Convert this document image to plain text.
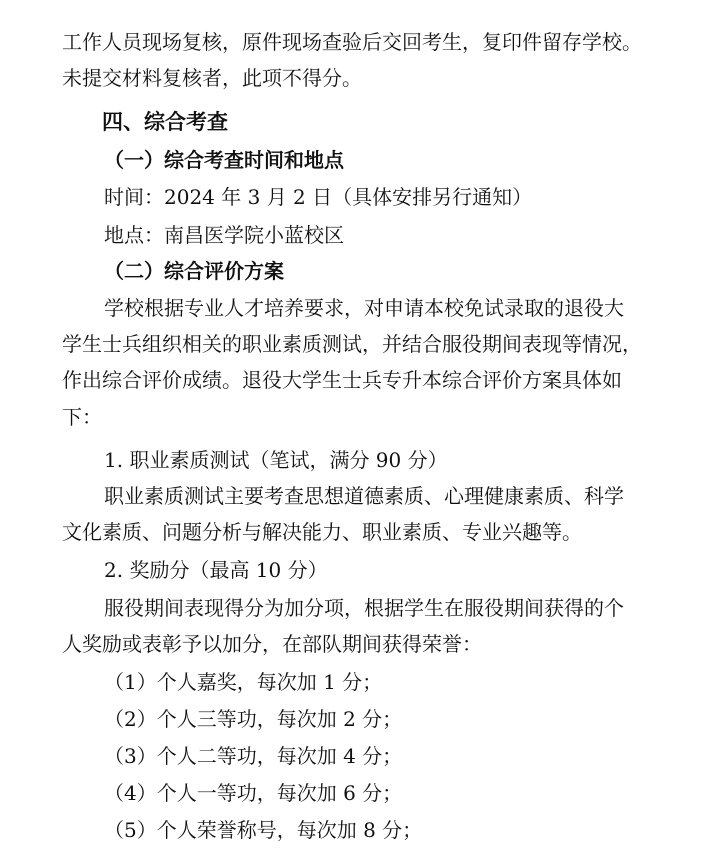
工作人员现场复核，原件现场查验后交回考生，复印件留存学校。
未提交材料复核者，此项不得分。
四、综合考查
（一）综合考查时间和地点
时间：2024 年 3 月 2 日（具体安排另行通知）
地点：南昌医学院小蓝校区
（二）综合评价方案
学校根据专业人才培养要求，对申请本校免试录取的退役大
学生士兵组织相关的职业素质测试，并结合服役期间表现等情况，
作出综合评价成绩。退役大学生士兵专升本综合评价方案具体如
下：
1. 职业素质测试（笔试，满分 90 分）
职业素质测试主要考查思想道德素质、心理健康素质、科学
文化素质、问题分析与解决能力、职业素质、专业兴趣等。
2. 奖励分（最高 10 分）
服役期间表现得分为加分项，根据学生在服役期间获得的个
人奖励或表彰予以加分，在部队期间获得荣誉：
（1）个人嘉奖，每次加 1 分；
（2）个人三等功，每次加 2 分；
（3）个人二等功，每次加 4 分；
（4）个人一等功，每次加 6 分；
（5）个人荣誉称号，每次加 8 分；
